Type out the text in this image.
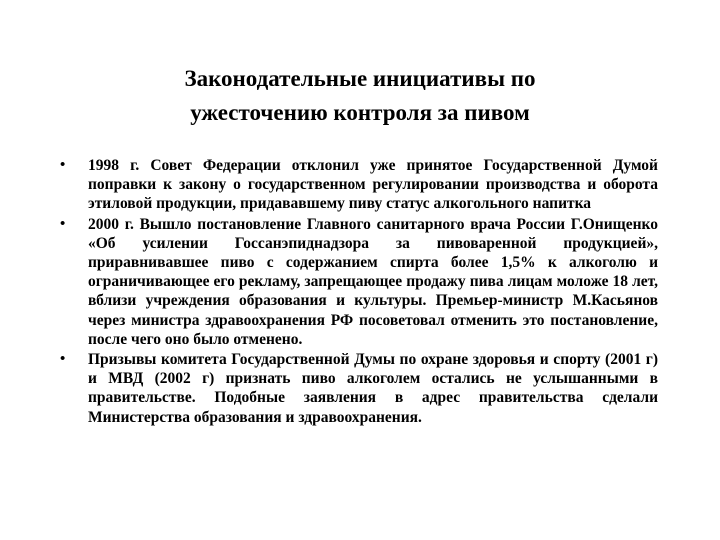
Законодательные инициативы по
ужесточению контроля за пивом
• 1998 г. Совет Федерации отклонил уже принятое Государственной Думой поправки к закону о государственном регулировании производства и оборота этиловой продукции, придававшему пиву статус алкогольного напитка
• 2000 г. Вышло постановление Главного санитарного врача России Г.Онищенко «Об усилении Госсанэпиднадзора за пивоваренной продукцией», приравнивавшее пиво с содержанием спирта более 1,5% к алкоголю и ограничивающее его рекламу, запрещающее продажу пива лицам моложе 18 лет, вблизи учреждения образования и культуры. Премьер-министр М.Касьянов через министра здравоохранения РФ посоветовал отменить это постановление, после чего оно было отменено.
• Призывы комитета Государственной Думы по охране здоровья и спорту (2001 г) и МВД (2002 г) признать пиво алкоголем остались не услышанными в правительстве. Подобные заявления в адрес правительства сделали Министерства образования и здравоохранения.
